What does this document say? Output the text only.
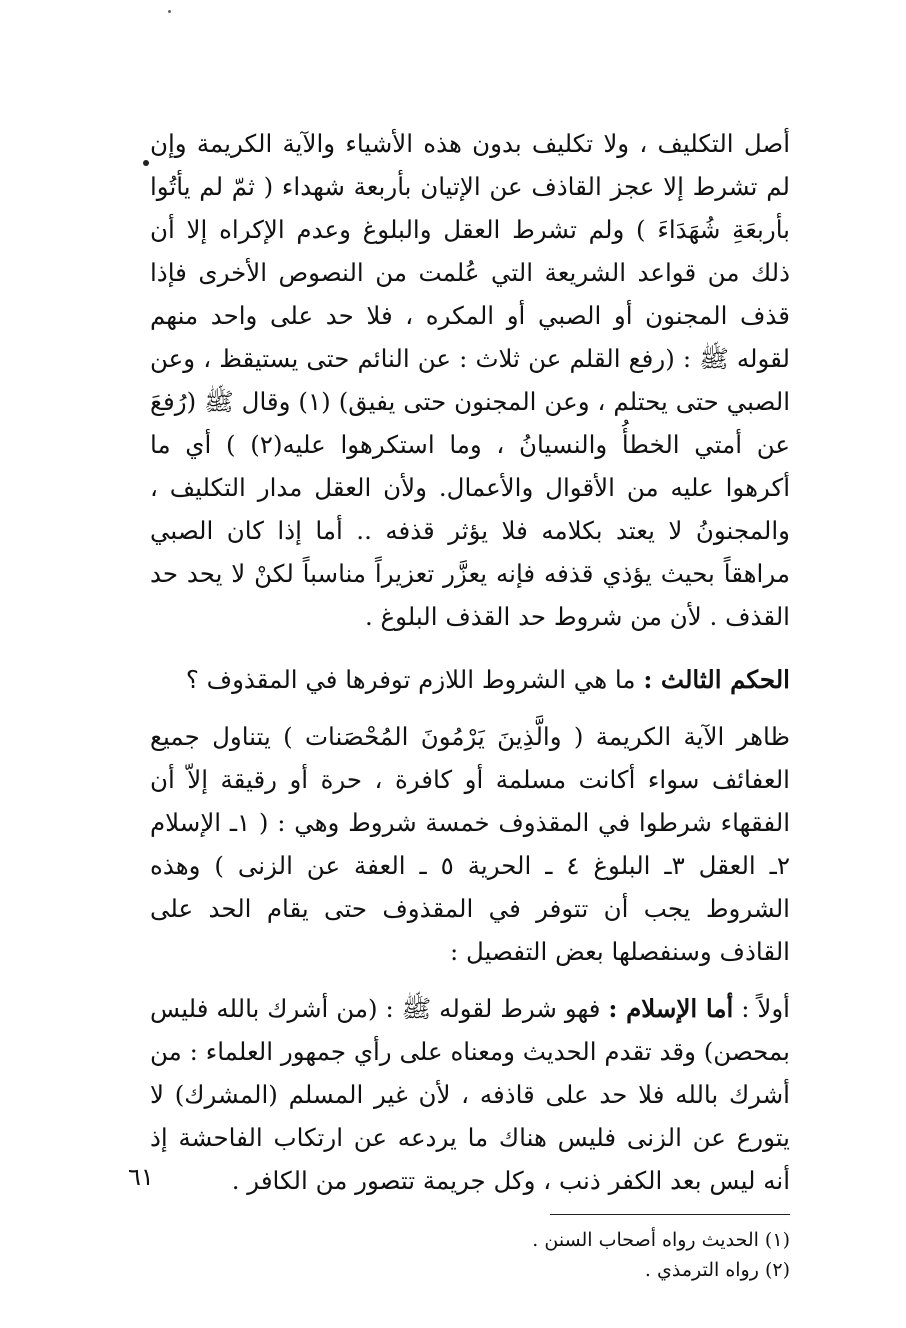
أصل التكليف ، ولا تكليف بدون هذه الأشياء والآية الكريمة وإن لم تشرط إلا عجز القاذف عن الإتيان بأربعة شهداء ( ثمّ لم يأتُوا بأربعَةِ شُهَدَاءَ ) ولم تشرط العقل والبلوغ وعدم الإكراه إلا أن ذلك من قواعد الشريعة التي عُلمت من النصوص الأخرى فإذا قذف المجنون أو الصبي أو المكره ، فلا حد على واحد منهم لقوله ﷺ : (رفع القلم عن ثلاث : عن النائم حتى يستيقظ ، وعن الصبي حتى يحتلم ، وعن المجنون حتى يفيق) (١) وقال ﷺ (رُفعَ عن أمتي الخطأُ والنسيانُ ، وما استكرهوا عليه(٢) ) أي ما أكرهوا عليه من الأقوال والأعمال. ولأن العقل مدار التكليف ، والمجنونُ لا يعتد بكلامه فلا يؤثر قذفه .. أما إذا كان الصبي مراهقاً بحيث يؤذي قذفه فإنه يعزَّر تعزيراً مناسباً لكنْ لا يحد حد القذف . لأن من شروط حد القذف البلوغ .

الحكم الثالث : ما هي الشروط اللازم توفرها في المقذوف ؟

ظاهر الآية الكريمة ( والَّذِينَ يَرْمُونَ المُحْصَنات ) يتناول جميع العفائف سواء أكانت مسلمة أو كافرة ، حرة أو رقيقة إلاّ أن الفقهاء شرطوا في المقذوف خمسة شروط وهي : ( ١ـ الإسلام ٢ـ العقل ٣ـ البلوغ ٤ ـ الحرية ٥ ـ العفة عن الزنى ) وهذه الشروط يجب أن تتوفر في المقذوف حتى يقام الحد على القاذف وسنفصلها بعض التفصيل :

أولاً : أما الإسلام : فهو شرط لقوله ﷺ : (من أشرك بالله فليس بمحصن) وقد تقدم الحديث ومعناه على رأي جمهور العلماء : من أشرك بالله فلا حد على قاذفه ، لأن غير المسلم (المشرك) لا يتورع عن الزنى فليس هناك ما يردعه عن ارتكاب الفاحشة إذ أنه ليس بعد الكفر ذنب ، وكل جريمة تتصور من الكافر .

(١) الحديث رواه أصحاب السنن .
(٢) رواه الترمذي .
٦١
